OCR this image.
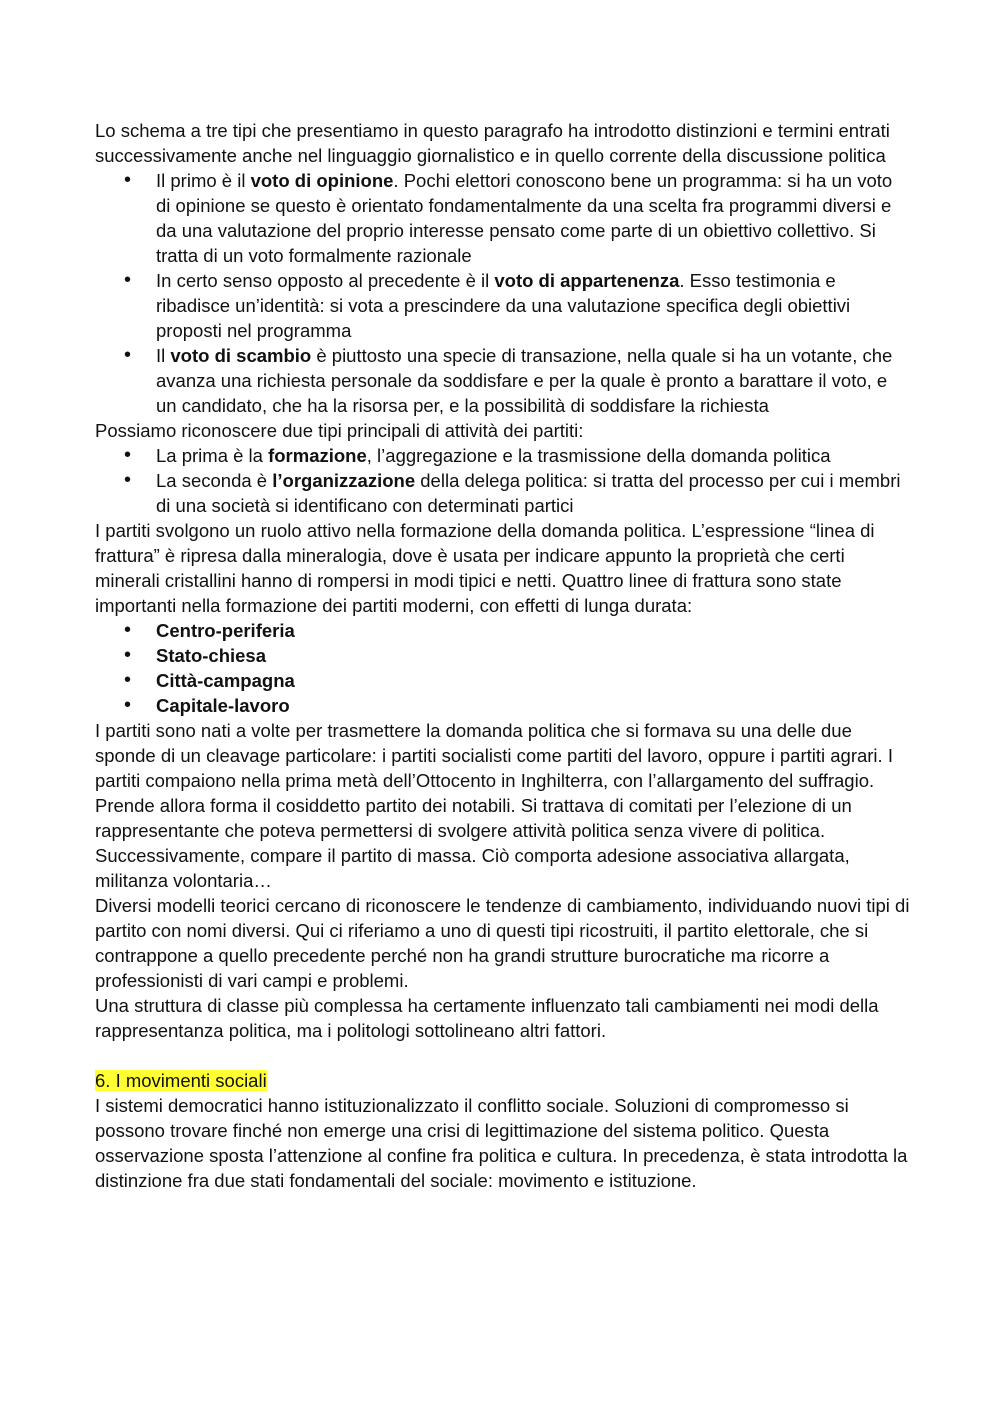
Lo schema a tre tipi che presentiamo in questo paragrafo ha introdotto distinzioni e termini entrati successivamente anche nel linguaggio giornalistico e in quello corrente della discussione politica

• Il primo è il voto di opinione. Pochi elettori conoscono bene un programma: si ha un voto di opinione se questo è orientato fondamentalmente da una scelta fra programmi diversi e da una valutazione del proprio interesse pensato come parte di un obiettivo collettivo. Si tratta di un voto formalmente razionale
• In certo senso opposto al precedente è il voto di appartenenza. Esso testimonia e ribadisce un’identità: si vota a prescindere da una valutazione specifica degli obiettivi proposti nel programma
• Il voto di scambio è piuttosto una specie di transazione, nella quale si ha un votante, che avanza una richiesta personale da soddisfare e per la quale è pronto a barattare il voto, e un candidato, che ha la risorsa per, e la possibilità di soddisfare la richiesta

Possiamo riconoscere due tipi principali di attività dei partiti:

• La prima è la formazione, l’aggregazione e la trasmissione della domanda politica
• La seconda è l’organizzazione della delega politica: si tratta del processo per cui i membri di una società si identificano con determinati partici

I partiti svolgono un ruolo attivo nella formazione della domanda politica. L’espressione “linea di frattura” è ripresa dalla mineralogia, dove è usata per indicare appunto la proprietà che certi minerali cristallini hanno di rompersi in modi tipici e netti. Quattro linee di frattura sono state importanti nella formazione dei partiti moderni, con effetti di lunga durata:

• Centro-periferia
• Stato-chiesa
• Città-campagna
• Capitale-lavoro

I partiti sono nati a volte per trasmettere la domanda politica che si formava su una delle due sponde di un cleavage particolare: i partiti socialisti come partiti del lavoro, oppure i partiti agrari. I partiti compaiono nella prima metà dell’Ottocento in Inghilterra, con l’allargamento del suffragio. Prende allora forma il cosiddetto partito dei notabili. Si trattava di comitati per l’elezione di un rappresentante che poteva permettersi di svolgere attività politica senza vivere di politica. Successivamente, compare il partito di massa. Ciò comporta adesione associativa allargata, militanza volontaria…

Diversi modelli teorici cercano di riconoscere le tendenze di cambiamento, individuando nuovi tipi di partito con nomi diversi. Qui ci riferiamo a uno di questi tipi ricostruiti, il partito elettorale, che si contrappone a quello precedente perché non ha grandi strutture burocratiche ma ricorre a professionisti di vari campi e problemi.

Una struttura di classe più complessa ha certamente influenzato tali cambiamenti nei modi della rappresentanza politica, ma i politologi sottolineano altri fattori.

6. I movimenti sociali

I sistemi democratici hanno istituzionalizzato il conflitto sociale. Soluzioni di compromesso si possono trovare finché non emerge una crisi di legittimazione del sistema politico. Questa osservazione sposta l’attenzione al confine fra politica e cultura. In precedenza, è stata introdotta la distinzione fra due stati fondamentali del sociale: movimento e istituzione.
